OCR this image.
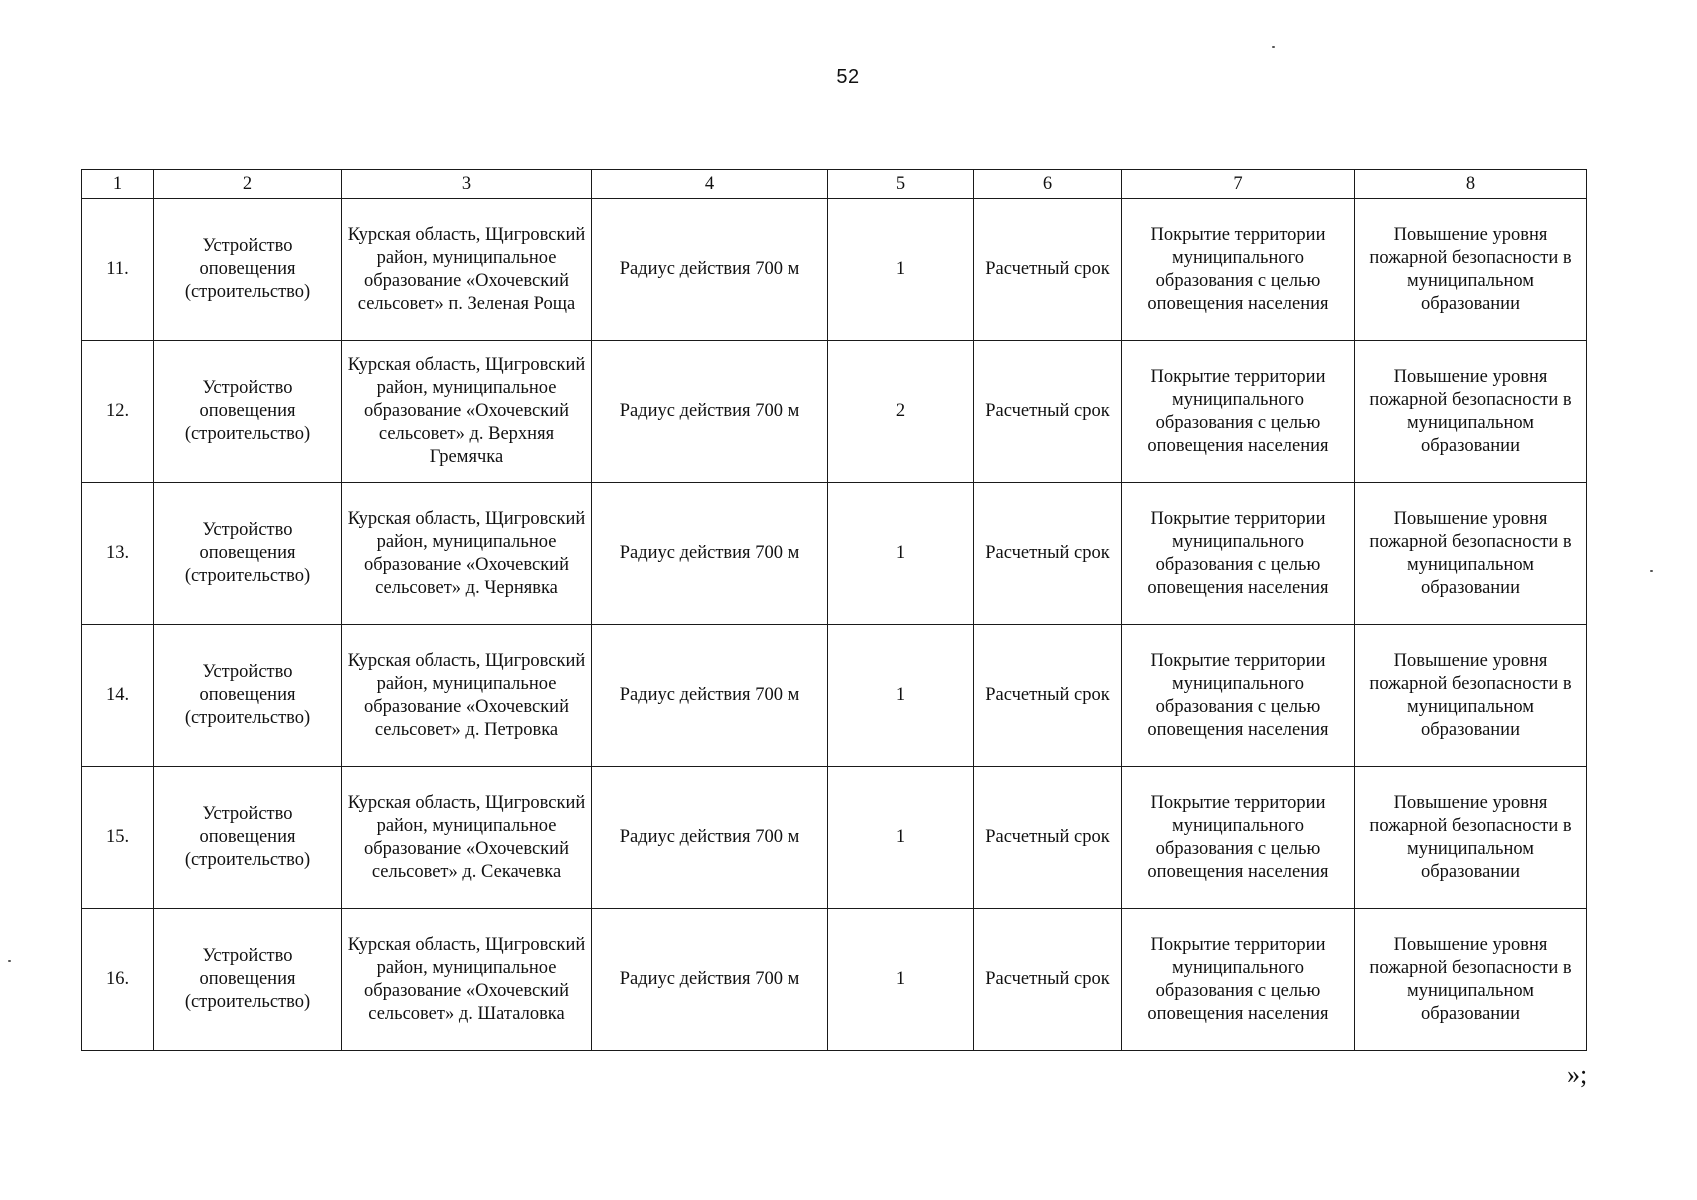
52
1	2	3	4	5	6	7	8
11.	Устройство оповещения (строительство)	Курская область, Щигровский район, муниципальное образование «Охочевский сельсовет» п. Зеленая Роща	Радиус действия 700 м	1	Расчетный срок	Покрытие территории муниципального образования с целью оповещения населения	Повышение уровня пожарной безопасности в муниципальном образовании
12.	Устройство оповещения (строительство)	Курская область, Щигровский район, муниципальное образование «Охочевский сельсовет» д. Верхняя Гремячка	Радиус действия 700 м	2	Расчетный срок	Покрытие территории муниципального образования с целью оповещения населения	Повышение уровня пожарной безопасности в муниципальном образовании
13.	Устройство оповещения (строительство)	Курская область, Щигровский район, муниципальное образование «Охочевский сельсовет» д. Чернявка	Радиус действия 700 м	1	Расчетный срок	Покрытие территории муниципального образования с целью оповещения населения	Повышение уровня пожарной безопасности в муниципальном образовании
14.	Устройство оповещения (строительство)	Курская область, Щигровский район, муниципальное образование «Охочевский сельсовет» д. Петровка	Радиус действия 700 м	1	Расчетный срок	Покрытие территории муниципального образования с целью оповещения населения	Повышение уровня пожарной безопасности в муниципальном образовании
15.	Устройство оповещения (строительство)	Курская область, Щигровский район, муниципальное образование «Охочевский сельсовет» д. Секачевка	Радиус действия 700 м	1	Расчетный срок	Покрытие территории муниципального образования с целью оповещения населения	Повышение уровня пожарной безопасности в муниципальном образовании
16.	Устройство оповещения (строительство)	Курская область, Щигровский район, муниципальное образование «Охочевский сельсовет» д. Шаталовка	Радиус действия 700 м	1	Расчетный срок	Покрытие территории муниципального образования с целью оповещения населения	Повышение уровня пожарной безопасности в муниципальном образовании
»;
